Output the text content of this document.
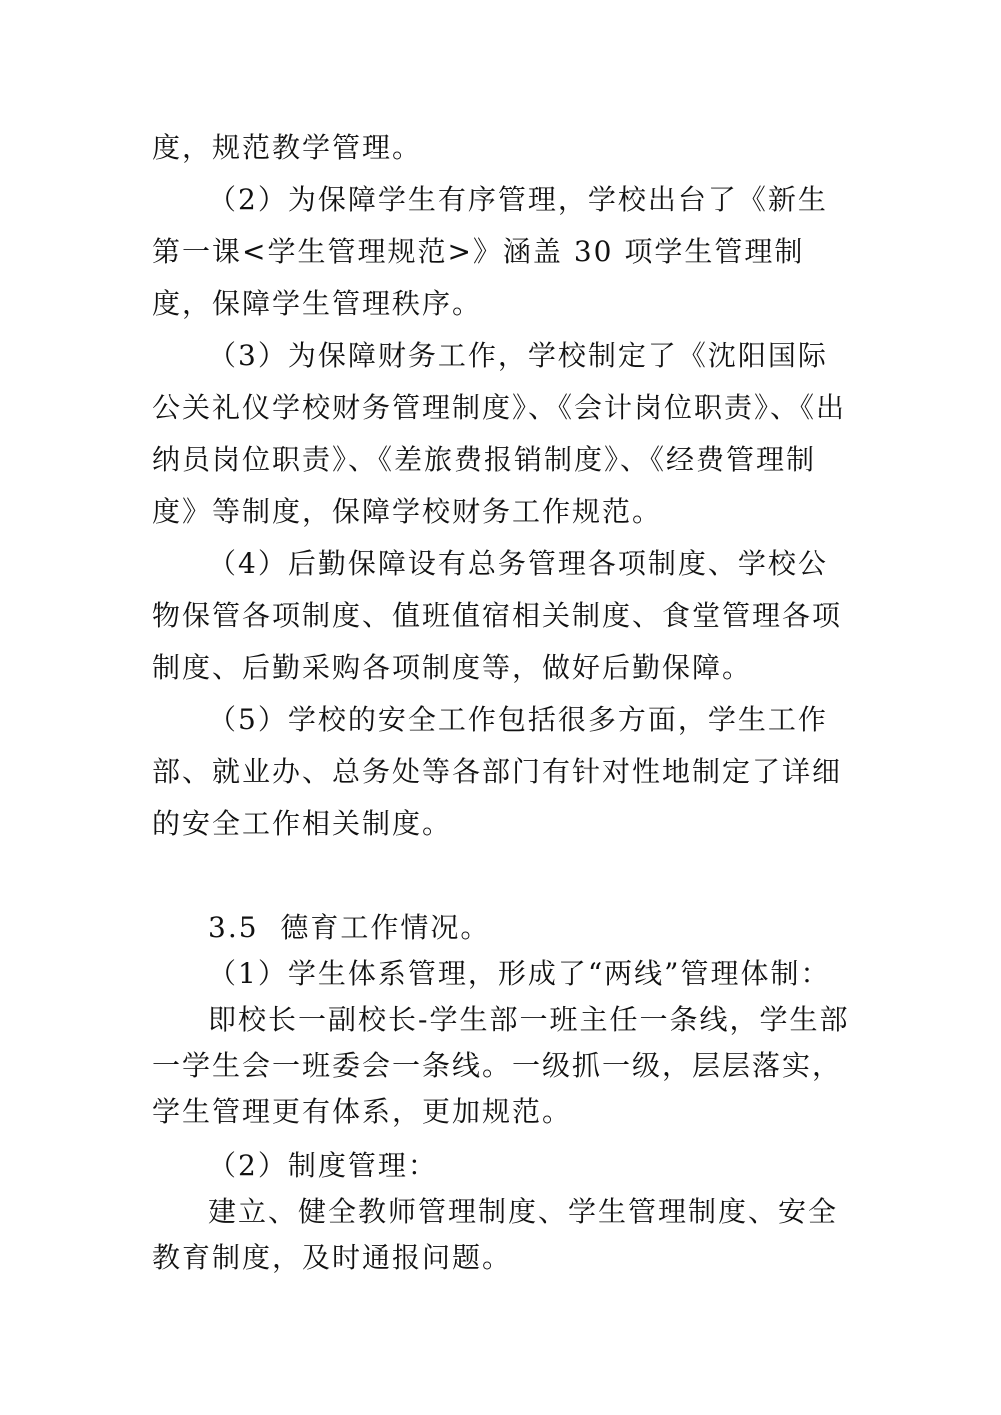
度，规范教学管理。

（2）为保障学生有序管理，学校出台了《新生第一课<学生管理规范>》涵盖 30 项学生管理制度，保障学生管理秩序。

（3）为保障财务工作，学校制定了《沈阳国际公关礼仪学校财务管理制度》、《会计岗位职责》、《出纳员岗位职责》、《差旅费报销制度》、《经费管理制度》等制度，保障学校财务工作规范。

（4）后勤保障设有总务管理各项制度、学校公物保管各项制度、值班值宿相关制度、食堂管理各项制度、后勤采购各项制度等，做好后勤保障。

（5）学校的安全工作包括很多方面，学生工作部、就业办、总务处等各部门有针对性地制定了详细的安全工作相关制度。

3.5  德育工作情况。

（1）学生体系管理，形成了“两线”管理体制：

即校长一副校长-学生部一班主任一条线，学生部一学生会一班委会一条线。一级抓一级，层层落实，学生管理更有体系，更加规范。

（2）制度管理：

建立、健全教师管理制度、学生管理制度、安全教育制度，及时通报问题。
